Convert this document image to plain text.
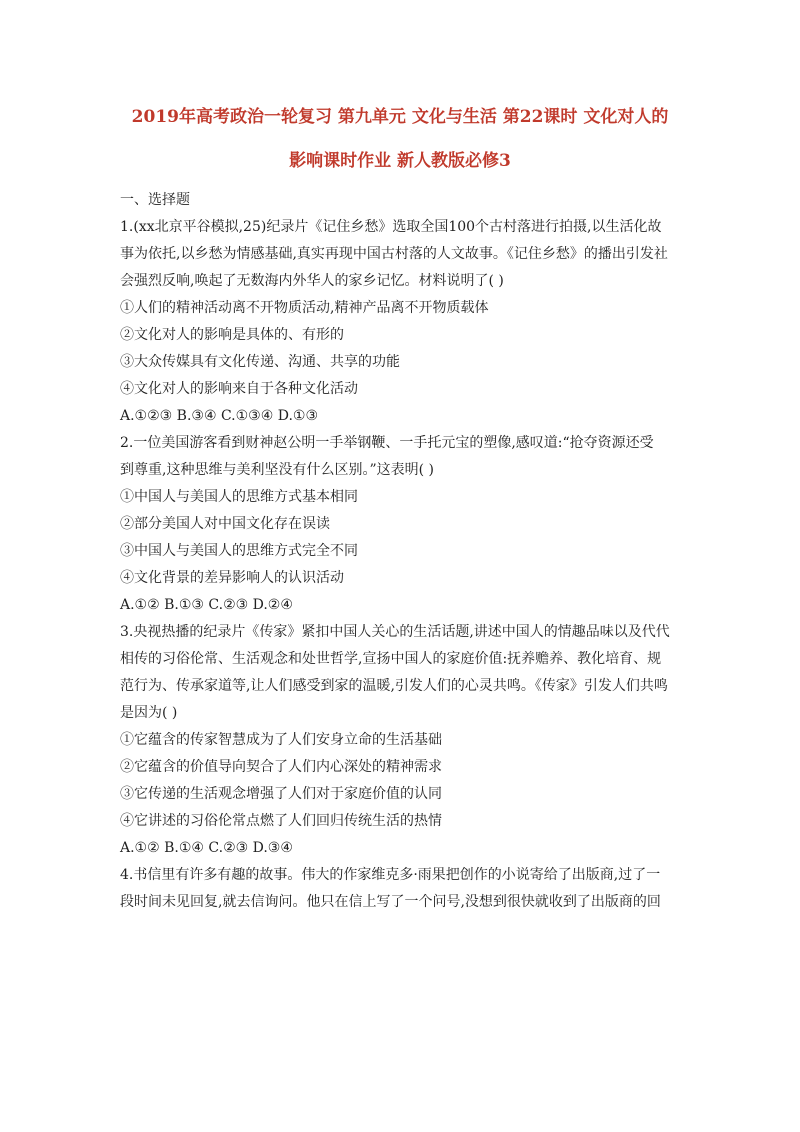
2019年高考政治一轮复习 第九单元 文化与生活 第22课时 文化对人的
影响课时作业 新人教版必修3
一、选择题
1.(xx北京平谷模拟,25)纪录片《记住乡愁》选取全国100个古村落进行拍摄,以生活化故
事为依托,以乡愁为情感基础,真实再现中国古村落的人文故事。《记住乡愁》的播出引发社
会强烈反响,唤起了无数海内外华人的家乡记忆。材料说明了( )
①人们的精神活动离不开物质活动,精神产品离不开物质载体
②文化对人的影响是具体的、有形的
③大众传媒具有文化传递、沟通、共享的功能
④文化对人的影响来自于各种文化活动
A.①②③ B.③④ C.①③④ D.①③
2.一位美国游客看到财神赵公明一手举钢鞭、一手托元宝的塑像,感叹道:“抢夺资源还受
到尊重,这种思维与美利坚没有什么区别。”这表明( )
①中国人与美国人的思维方式基本相同
②部分美国人对中国文化存在误读
③中国人与美国人的思维方式完全不同
④文化背景的差异影响人的认识活动
A.①② B.①③ C.②③ D.②④
3.央视热播的纪录片《传家》紧扣中国人关心的生活话题,讲述中国人的情趣品味以及代代
相传的习俗伦常、生活观念和处世哲学,宣扬中国人的家庭价值:抚养赡养、教化培育、规
范行为、传承家道等,让人们感受到家的温暖,引发人们的心灵共鸣。《传家》引发人们共鸣
是因为( )
①它蕴含的传家智慧成为了人们安身立命的生活基础
②它蕴含的价值导向契合了人们内心深处的精神需求
③它传递的生活观念增强了人们对于家庭价值的认同
④它讲述的习俗伦常点燃了人们回归传统生活的热情
A.①② B.①④ C.②③ D.③④
4.书信里有许多有趣的故事。伟大的作家维克多·雨果把创作的小说寄给了出版商,过了一
段时间未见回复,就去信询问。他只在信上写了一个问号,没想到很快就收到了出版商的回
